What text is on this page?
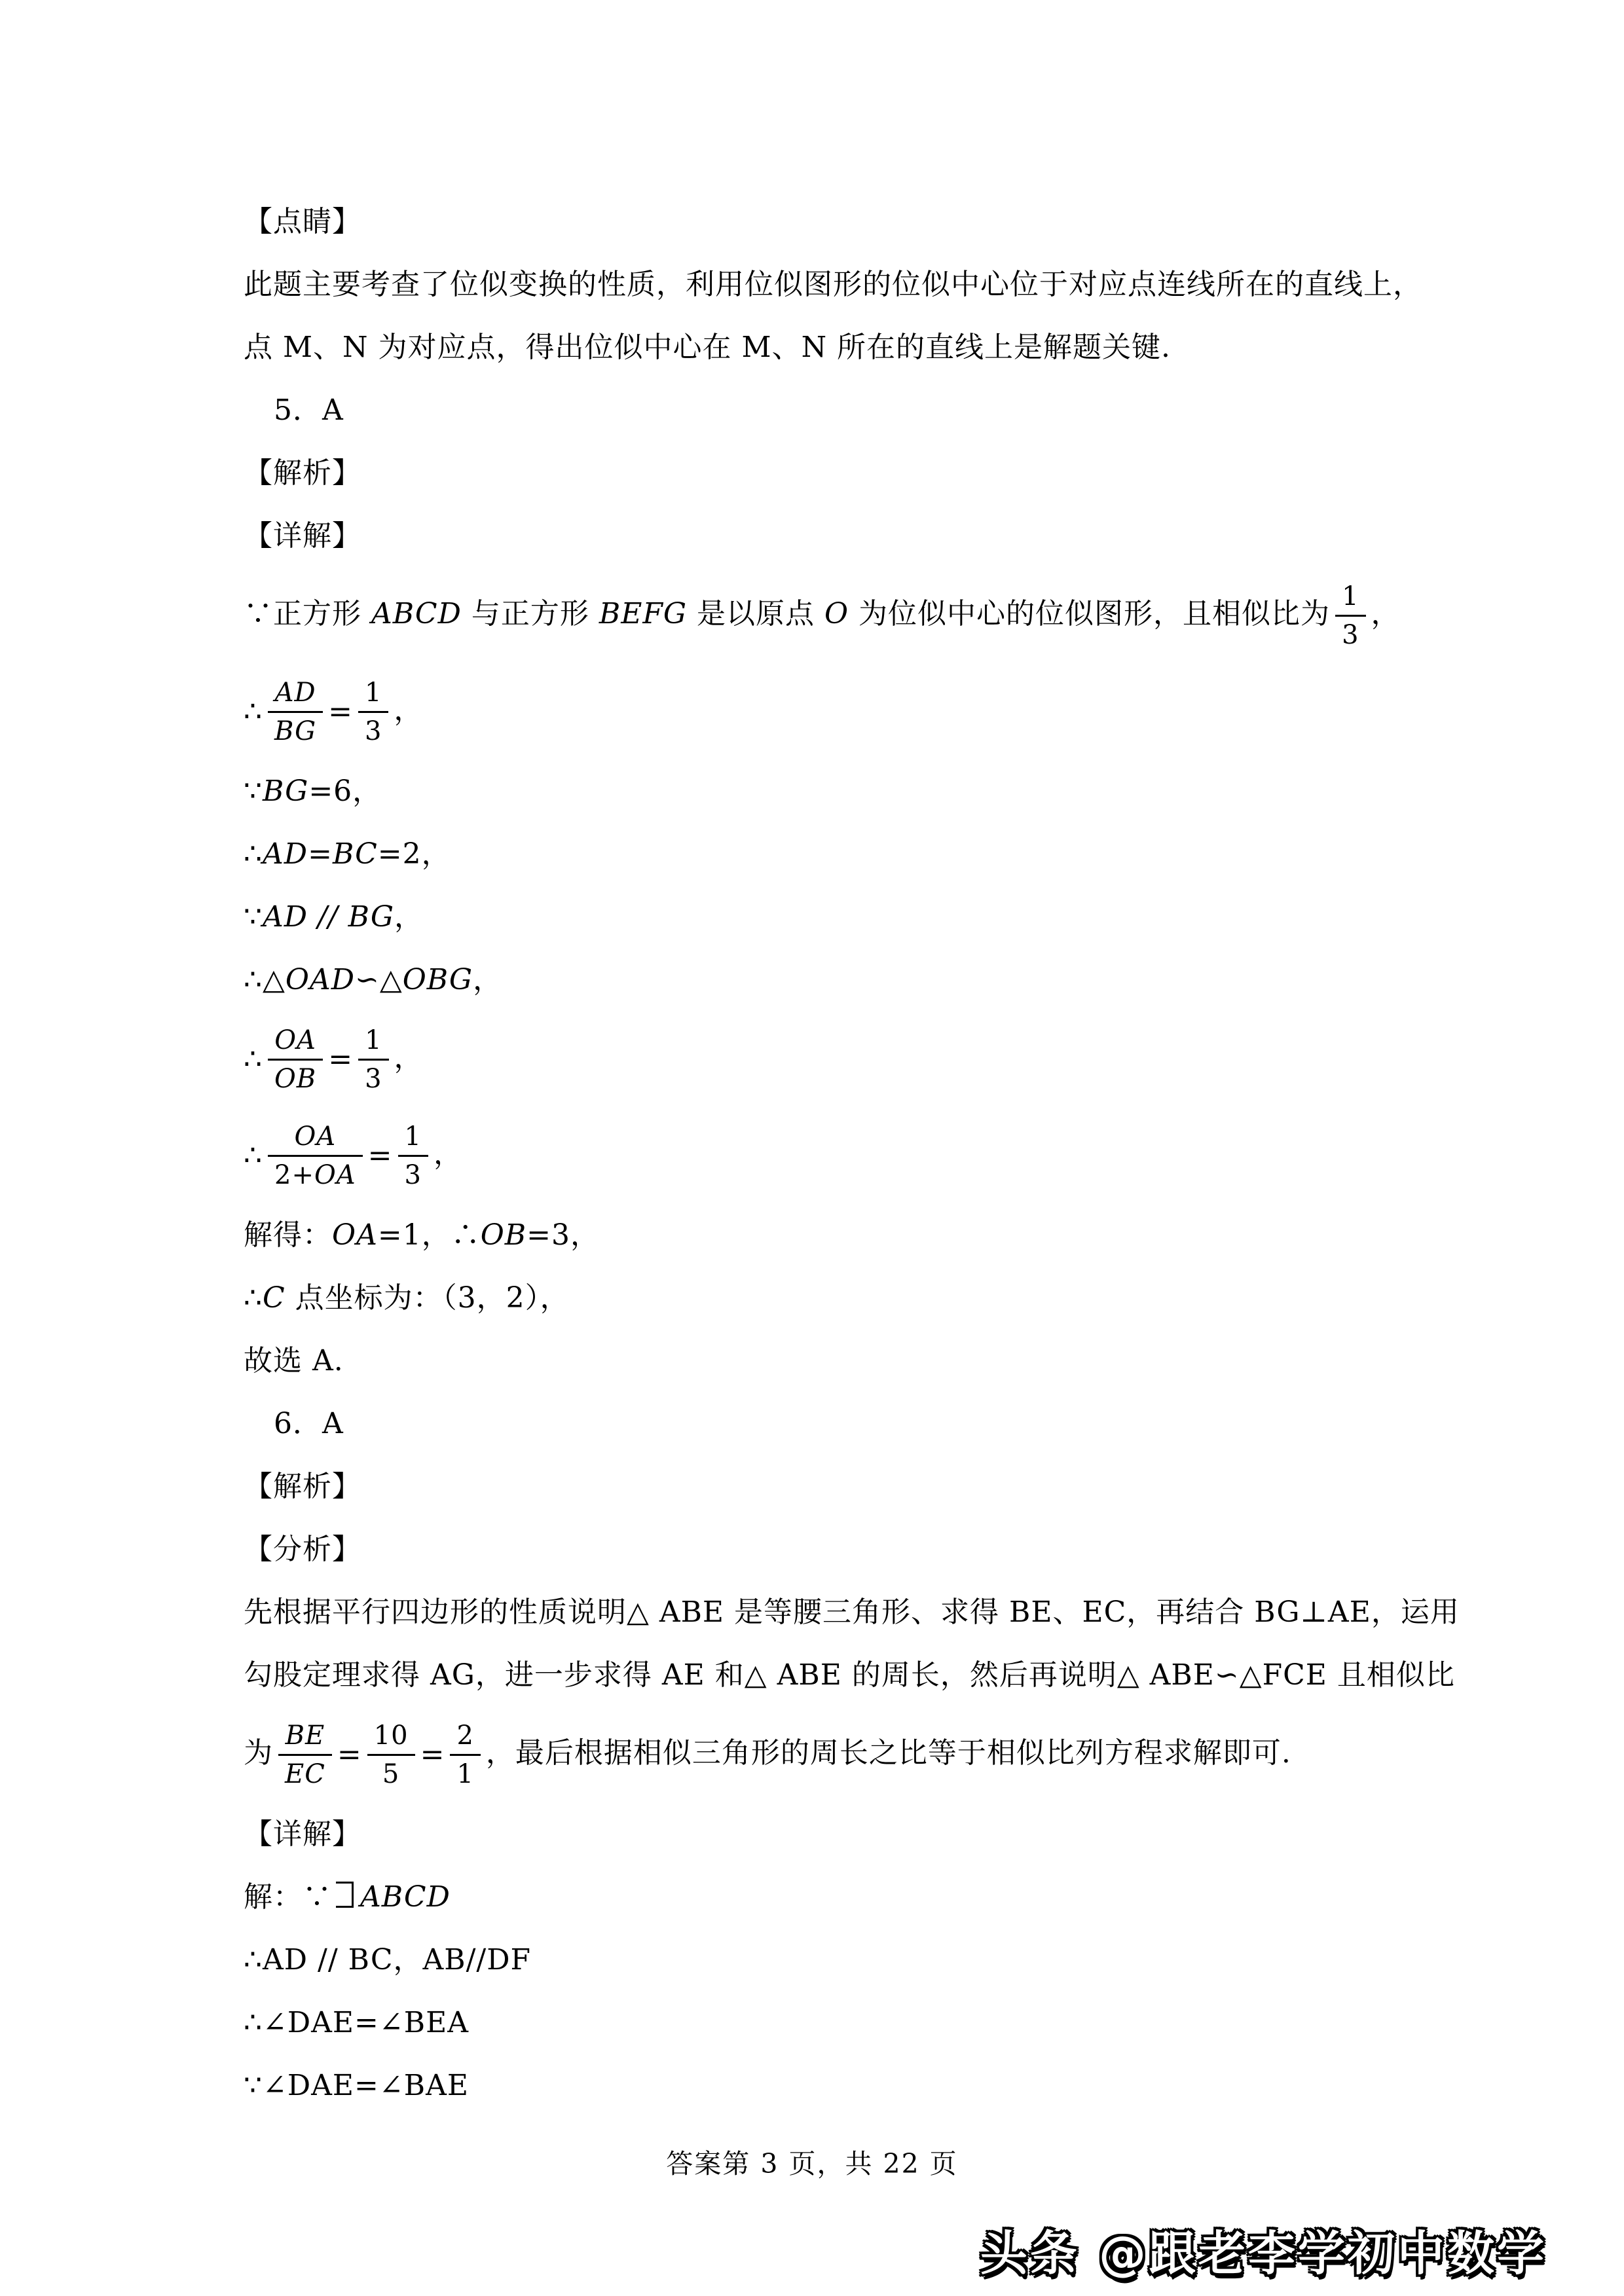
【点睛】
此题主要考查了位似变换的性质，利用位似图形的位似中心位于对应点连线所在的直线上，
点 M、N 为对应点，得出位似中心在 M、N 所在的直线上是解题关键.
5．A
【解析】
【详解】
∵正方形 ABCD 与正方形 BEFG 是以原点 O 为位似中心的位似图形，且相似比为 $\frac{1}{3}$ ，
∴ $\frac{AD}{BG} = \frac{1}{3}$ ，
∵BG=6，
∴AD=BC=2，
∵AD // BG，
∴△OAD∽△OBG，
∴ $\frac{OA}{OB} = \frac{1}{3}$ ，
∴ $\frac{OA}{2+OA} = \frac{1}{3}$ ，
解得：OA=1，∴OB=3，
∴C 点坐标为：（3，2），
故选 A.
6．A
【解析】
【分析】
先根据平行四边形的性质说明△ ABE 是等腰三角形、求得 BE、EC，再结合 BG⊥AE，运用
勾股定理求得 AG，进一步求得 AE 和△ ABE 的周长，然后再说明△ ABE∽△FCE 且相似比
为 $\frac{BE}{EC} = \frac{10}{5} = \frac{2}{1}$ ，最后根据相似三角形的周长之比等于相似比列方程求解即可.
【详解】
解：∵ ABCD
∴AD // BC，AB//DF
∴∠DAE=∠BEA
∵∠DAE=∠BAE
答案第 3 页，共 22 页
头条 @跟老李学初中数学
